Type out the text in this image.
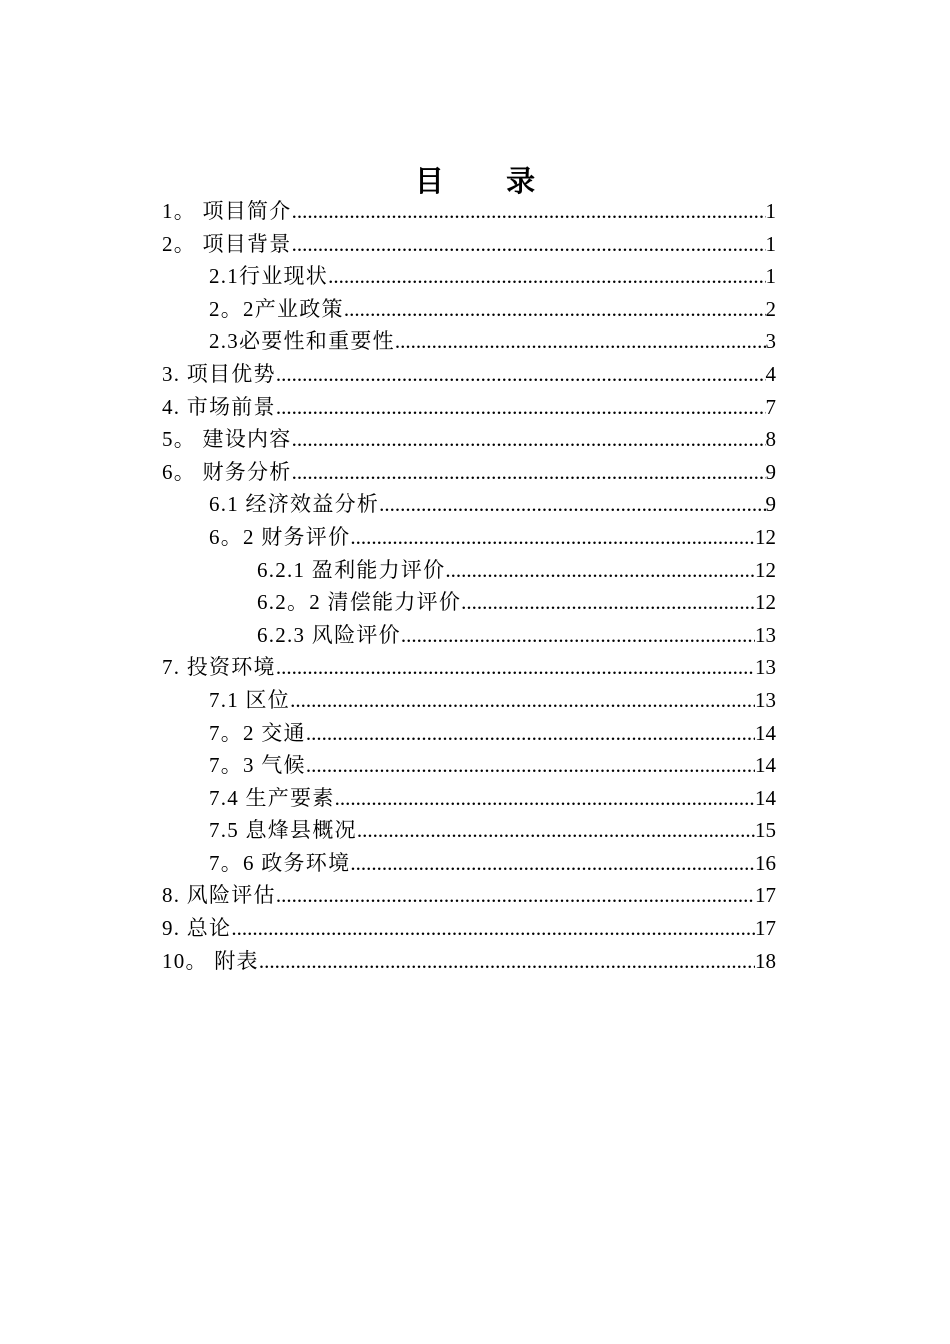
目 录
1。 项目简介 .....	1
2。 项目背景 .....	1
2.1行业现状 .....	1
2。2产业政策 .....	2
2.3必要性和重要性 .....	3
3. 项目优势 .....	4
4. 市场前景 .....	7
5。 建设内容 .....	8
6。 财务分析 .....	9
6.1 经济效益分析 .....	9
6。2 财务评价 .....	12
6.2.1 盈利能力评价 .....	12
6.2。2 清偿能力评价 .....	12
6.2.3 风险评价 .....	13
7. 投资环境 .....	13
7.1 区位 .....	13
7。2 交通 .....	14
7。3 气候 .....	14
7.4 生产要素 .....	14
7.5 息烽县概况 .....	15
7。6 政务环境 .....	16
8. 风险评估 .....	17
9. 总论 .....	17
10。 附表 .....	18
